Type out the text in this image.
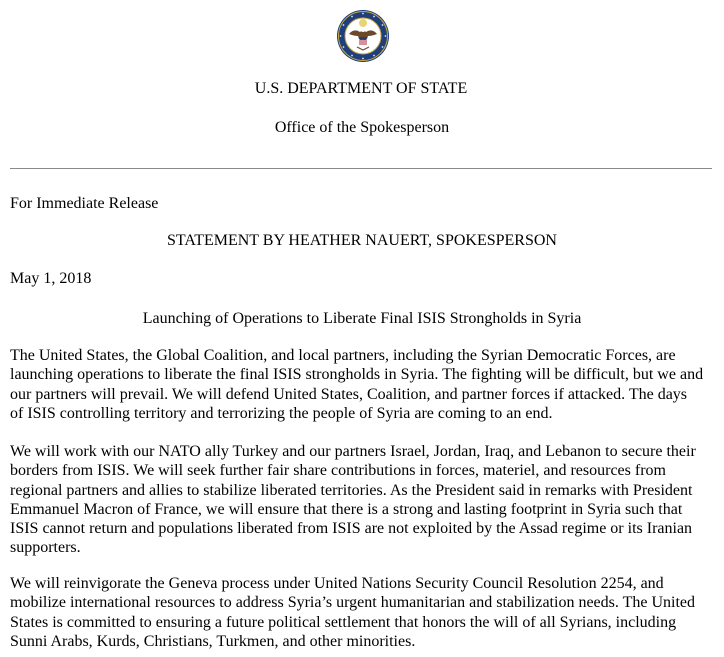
U.S. DEPARTMENT OF STATE
Office of the Spokesperson
For Immediate Release
STATEMENT BY HEATHER NAUERT, SPOKESPERSON
May 1, 2018
Launching of Operations to Liberate Final ISIS Strongholds in Syria

The United States, the Global Coalition, and local partners, including the Syrian Democratic Forces, are
launching operations to liberate the final ISIS strongholds in Syria. The fighting will be difficult, but we and
our partners will prevail. We will defend United States, Coalition, and partner forces if attacked. The days
of ISIS controlling territory and terrorizing the people of Syria are coming to an end.

We will work with our NATO ally Turkey and our partners Israel, Jordan, Iraq, and Lebanon to secure their
borders from ISIS. We will seek further fair share contributions in forces, materiel, and resources from
regional partners and allies to stabilize liberated territories. As the President said in remarks with President
Emmanuel Macron of France, we will ensure that there is a strong and lasting footprint in Syria such that
ISIS cannot return and populations liberated from ISIS are not exploited by the Assad regime or its Iranian
supporters.

We will reinvigorate the Geneva process under United Nations Security Council Resolution 2254, and
mobilize international resources to address Syria’s urgent humanitarian and stabilization needs. The United
States is committed to ensuring a future political settlement that honors the will of all Syrians, including
Sunni Arabs, Kurds, Christians, Turkmen, and other minorities.
